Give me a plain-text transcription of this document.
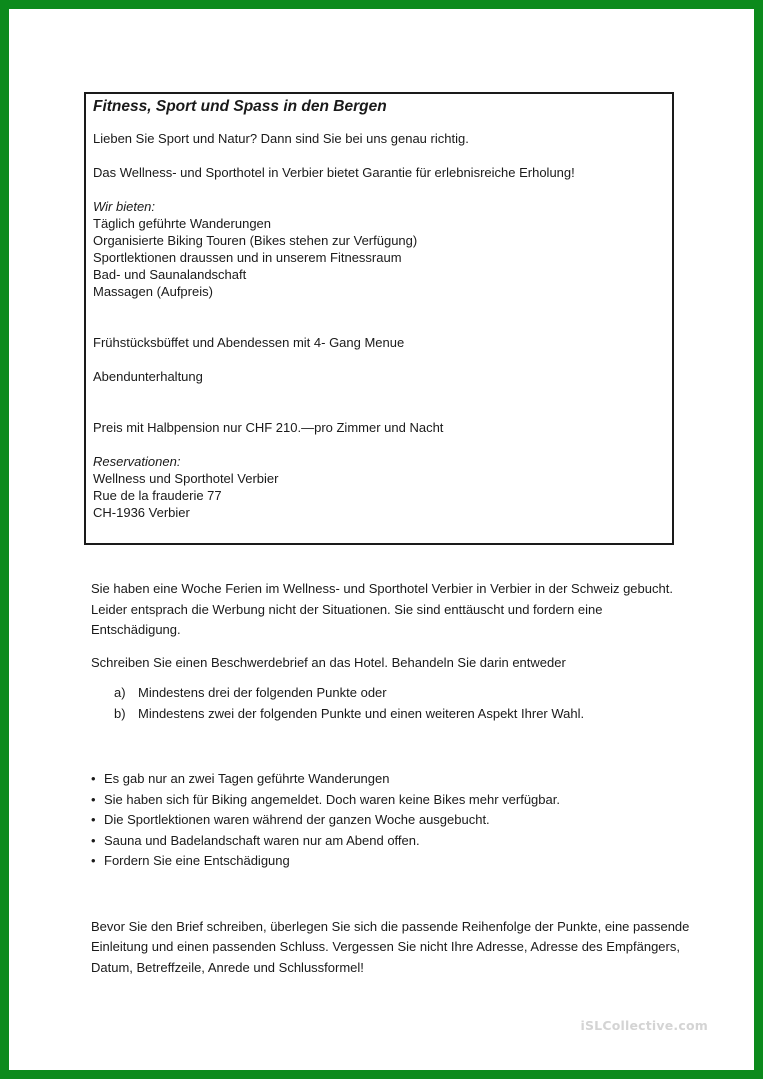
Fitness, Sport und Spass in den Bergen

Lieben Sie Sport und Natur? Dann sind Sie bei uns genau richtig.

Das Wellness- und Sporthotel in Verbier bietet Garantie für erlebnisreiche Erholung!

Wir bieten:
Täglich geführte Wanderungen
Organisierte Biking Touren (Bikes stehen zur Verfügung)
Sportlektionen draussen und in unserem Fitnessraum
Bad- und Saunalandschaft
Massagen (Aufpreis)

Frühstücksbüffet und Abendessen mit 4- Gang Menue

Abendunterhaltung

Preis mit Halbpension nur CHF 210.—pro Zimmer und Nacht

Reservationen:
Wellness und Sporthotel Verbier
Rue de la frauderie 77
CH-1936 Verbier

Sie haben eine Woche Ferien im Wellness- und Sporthotel Verbier in Verbier in der Schweiz gebucht. Leider entsprach die Werbung nicht der Situationen. Sie sind enttäuscht und fordern eine Entschädigung.

Schreiben Sie einen Beschwerdebrief an das Hotel. Behandeln Sie darin entweder

a) Mindestens drei der folgenden Punkte oder
b) Mindestens zwei der folgenden Punkte und einen weiteren Aspekt Ihrer Wahl.
• Es gab nur an zwei Tagen geführte Wanderungen
• Sie haben sich für Biking angemeldet. Doch waren keine Bikes mehr verfügbar.
• Die Sportlektionen waren während der ganzen Woche ausgebucht.
• Sauna und Badelandschaft waren nur am Abend offen.
• Fordern Sie eine Entschädigung

Bevor Sie den Brief schreiben, überlegen Sie sich die passende Reihenfolge der Punkte, eine passende Einleitung und einen passenden Schluss. Vergessen Sie nicht Ihre Adresse, Adresse des Empfängers, Datum, Betreffzeile, Anrede und Schlussformel!

iSLCollective.com
